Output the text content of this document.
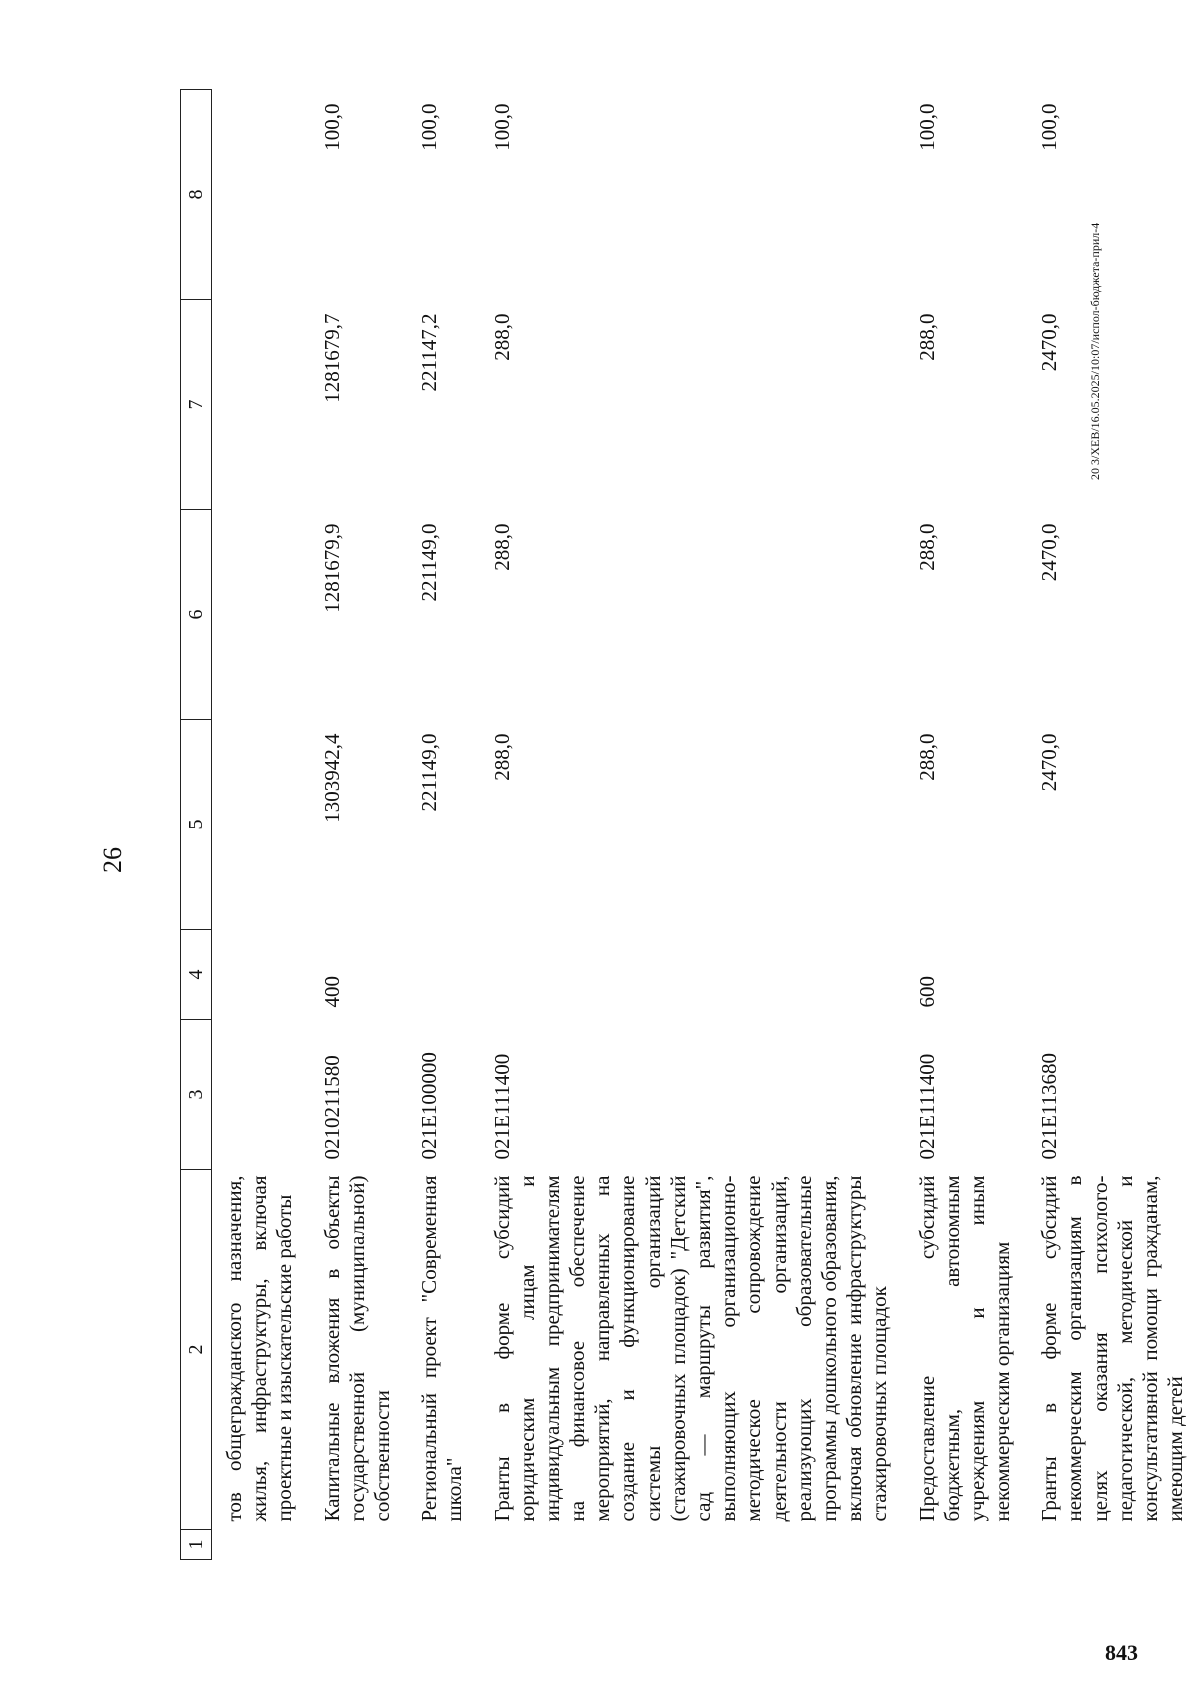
26
1	2	3	4	5	6	7	8
	тов общегражданского назначения, жилья, инфраструктуры, включая проектные и изыскательские работы						
	Капитальные вложения в объекты государственной (муниципальной) собственности	0210211580	400	1303942,4	1281679,9	1281679,7	100,0
	Региональный проект "Современная школа"	021E100000		221149,0	221149,0	221147,2	100,0
	Гранты в форме субсидий юридическим лицам и индивидуальным предпринимателям на финансовое обеспечение мероприятий, направленных на создание и функционирование системы организаций (стажировочных площадок) "Детский сад — маршруты развития", выполняющих организационно-методическое сопровождение деятельности организаций, реализующих образовательные программы дошкольного образования, включая обновление инфраструктуры стажировочных площадок	021E111400		288,0	288,0	288,0	100,0
	Предоставление субсидий бюджетным, автономным учреждениям и иным некоммерческим организациям	021E111400	600	288,0	288,0	288,0	100,0
	Гранты в форме субсидий некоммерческим организациям в целях оказания психолого-педагогической, методической и консультативной помощи гражданам, имеющим детей	021E113680		2470,0	2470,0	2470,0	100,0
20 3/XEB/16.05.2025/10:07/испол-бюджета-прил-4
843
